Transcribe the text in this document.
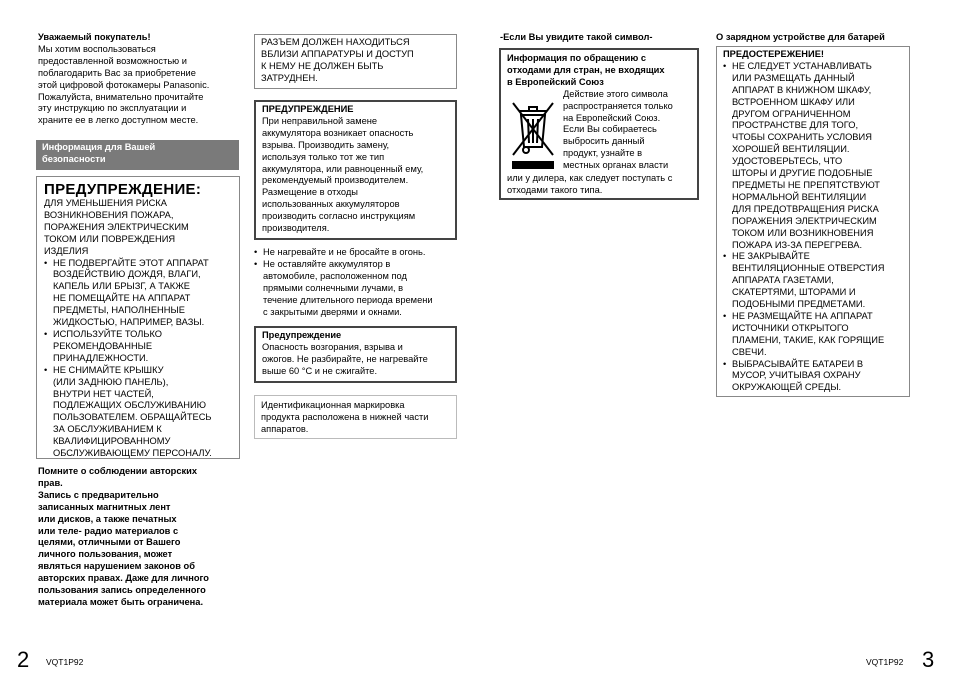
Уважаемый покупатель!
Мы хотим воспользоваться
предоставленной возможностью и
поблагодарить Вас за приобретение
этой цифровой фотокамеры Panasonic.
Пожалуйста, внимательно прочитайте
эту инструкцию по эксплуатации и
храните ее в легко доступном месте.
Информация для Вашей
безопасности
ПРЕДУПРЕЖДЕНИЕ:
ДЛЯ УМЕНЬШЕНИЯ РИСКА
ВОЗНИКНОВЕНИЯ ПОЖАРА,
ПОРАЖЕНИЯ ЭЛЕКТРИЧЕСКИМ
ТОКОМ ИЛИ ПОВРЕЖДЕНИЯ
ИЗДЕЛИЯ
• НЕ ПОДВЕРГАЙТЕ ЭТОТ АППАРАТ
ВОЗДЕЙСТВИЮ ДОЖДЯ, ВЛАГИ,
КАПЕЛЬ ИЛИ БРЫЗГ, А ТАКЖЕ
НЕ ПОМЕЩАЙТЕ НА АППАРАТ
ПРЕДМЕТЫ, НАПОЛНЕННЫЕ
ЖИДКОСТЬЮ, НАПРИМЕР, ВАЗЫ.
• ИСПОЛЬЗУЙТЕ ТОЛЬКО
РЕКОМЕНДОВАННЫЕ
ПРИНАДЛЕЖНОСТИ.
• НЕ СНИМАЙТЕ КРЫШКУ
(ИЛИ ЗАДНЮЮ ПАНЕЛЬ),
ВНУТРИ НЕТ ЧАСТЕЙ,
ПОДЛЕЖАЩИХ ОБСЛУЖИВАНИЮ
ПОЛЬЗОВАТЕЛЕМ. ОБРАЩАЙТЕСЬ
ЗА ОБСЛУЖИВАНИЕМ К
КВАЛИФИЦИРОВАННОМУ
ОБСЛУЖИВАЮЩЕМУ ПЕРСОНАЛУ.
Помните о соблюдении авторских
прав.
Запись с предварительно
записанных магнитных лент
или дисков, а также печатных
или теле- радио материалов с
целями, отличными от Вашего
личного пользования, может
являться нарушением законов об
авторских правах. Даже для личного
пользования запись определенного
материала может быть ограничена.
2 VQT1P92
РАЗЪЕМ ДОЛЖЕН НАХОДИТЬСЯ
ВБЛИЗИ АППАРАТУРЫ И ДОСТУП
К НЕМУ НЕ ДОЛЖЕН БЫТЬ
ЗАТРУДНЕН.
ПРЕДУПРЕЖДЕНИЕ
При неправильной замене
аккумулятора возникает опасность
взрыва. Производить замену,
используя только тот же тип
аккумулятора, или равноценный ему,
рекомендуемый производителем.
Размещение в отходы
использованных аккумуляторов
производить согласно инструкциям
производителя.
• Не нагревайте и не бросайте в огонь.
• Не оставляйте аккумулятор в
автомобиле, расположенном под
прямыми солнечными лучами, в
течение длительного периода времени
с закрытыми дверями и окнами.
Предупреждение
Опасность возгорания, взрыва и
ожогов. Не разбирайте, не нагревайте
выше 60 °C и не сжигайте.
Идентификационная маркировка
продукта расположена в нижней части
аппаратов.
-Если Вы увидите такой символ-
Информация по обращению с
отходами для стран, не входящих
в Европейский Союз
Действие этого символа
распространяется только
на Европейский Союз.
Если Вы собираетесь
выбросить данный
продукт, узнайте в
местных органах власти
или у дилера, как следует поступать с
отходами такого типа.
О зарядном устройстве для батарей
ПРЕДОСТЕРЕЖЕНИЕ!
• НЕ СЛЕДУЕТ УСТАНАВЛИВАТЬ
ИЛИ РАЗМЕЩАТЬ ДАННЫЙ
АППАРАТ В КНИЖНОМ ШКАФУ,
ВСТРОЕННОМ ШКАФУ ИЛИ
ДРУГОМ ОГРАНИЧЕННОМ
ПРОСТРАНСТВЕ ДЛЯ ТОГО,
ЧТОБЫ СОХРАНИТЬ УСЛОВИЯ
ХОРОШЕЙ ВЕНТИЛЯЦИИ.
УДОСТОВЕРЬТЕСЬ, ЧТО
ШТОРЫ И ДРУГИЕ ПОДОБНЫЕ
ПРЕДМЕТЫ НЕ ПРЕПЯТСТВУЮТ
НОРМАЛЬНОЙ ВЕНТИЛЯЦИИ
ДЛЯ ПРЕДОТВРАЩЕНИЯ РИСКА
ПОРАЖЕНИЯ ЭЛЕКТРИЧЕСКИМ
ТОКОМ ИЛИ ВОЗНИКНОВЕНИЯ
ПОЖАРА ИЗ-ЗА ПЕРЕГРЕВА.
• НЕ ЗАКРЫВАЙТЕ
ВЕНТИЛЯЦИОННЫЕ ОТВЕРСТИЯ
АППАРАТА ГАЗЕТАМИ,
СКАТЕРТЯМИ, ШТОРАМИ И
ПОДОБНЫМИ ПРЕДМЕТАМИ.
• НЕ РАЗМЕЩАЙТЕ НА АППАРАТ
ИСТОЧНИКИ ОТКРЫТОГО
ПЛАМЕНИ, ТАКИЕ, КАК ГОРЯЩИЕ
СВЕЧИ.
• ВЫБРАСЫВАЙТЕ БАТАРЕИ В
МУСОР, УЧИТЫВАЯ ОХРАНУ
ОКРУЖАЮЩЕЙ СРЕДЫ.
VQT1P92 3
